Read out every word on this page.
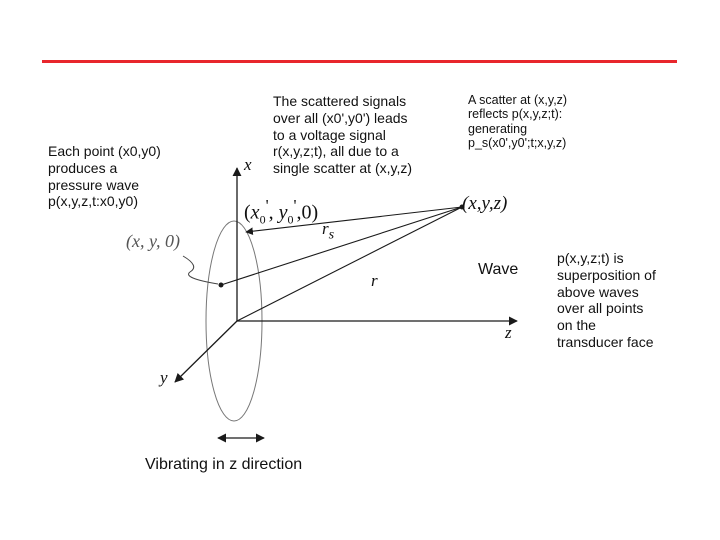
The scattered signals
over all (x0',y0') leads
to a voltage signal
r(x,y,z;t), all due to a
single scatter at (x,y,z)
A scatter at (x,y,z)
reflects p(x,y,z;t):
generating
p_s(x0',y0';t;x,y,z)
Each point (x0,y0)
produces a
pressure wave
p(x,y,z,t:x0,y0)
p(x,y,z;t) is
superposition of
above waves
over all points
on the
transducer face
Wave
Vibrating in z direction
x
z
y
r
$r_s$
(x,y,z)
($x_0'$, $y_0',0$)
(x, y, 0)
